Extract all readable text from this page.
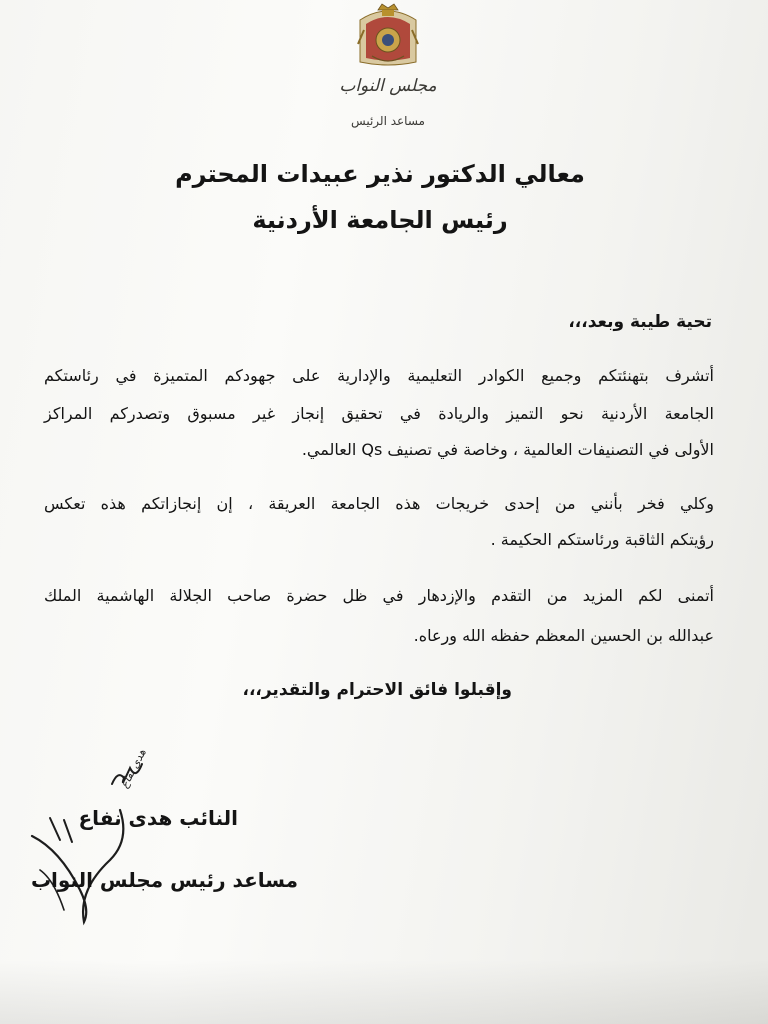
مجلس النواب

مساعد الرئيس

معالي الدكتور نذير عبيدات المحترم

رئيس الجامعة الأردنية

تحية طيبة وبعد،،،

أتشرف بتهنئتكم وجميع الكوادر التعليمية والإدارية على جهودكم المتميزة في رئاستكم

الجامعة الأردنية نحو التميز والريادة في تحقيق إنجاز غير مسبوق وتصدركم المراكز

الأولى في التصنيفات العالمية ، وخاصة في تصنيف Qs العالمي.

وكلي فخر بأنني من إحدى خريجات هذه الجامعة العريقة ، إن إنجازاتكم هذه تعكس

رؤيتكم الثاقبة ورئاستكم الحكيمة .

أتمنى لكم المزيد من التقدم والإزدهار في ظل حضرة صاحب الجلالة الهاشمية الملك

عبدالله بن الحسين المعظم حفظه الله ورعاه.

وإقبلوا فائق الاحترام والتقدير،،،

هدى نفاع

النائب هدى نفاع

مساعد رئيس مجلس النواب
